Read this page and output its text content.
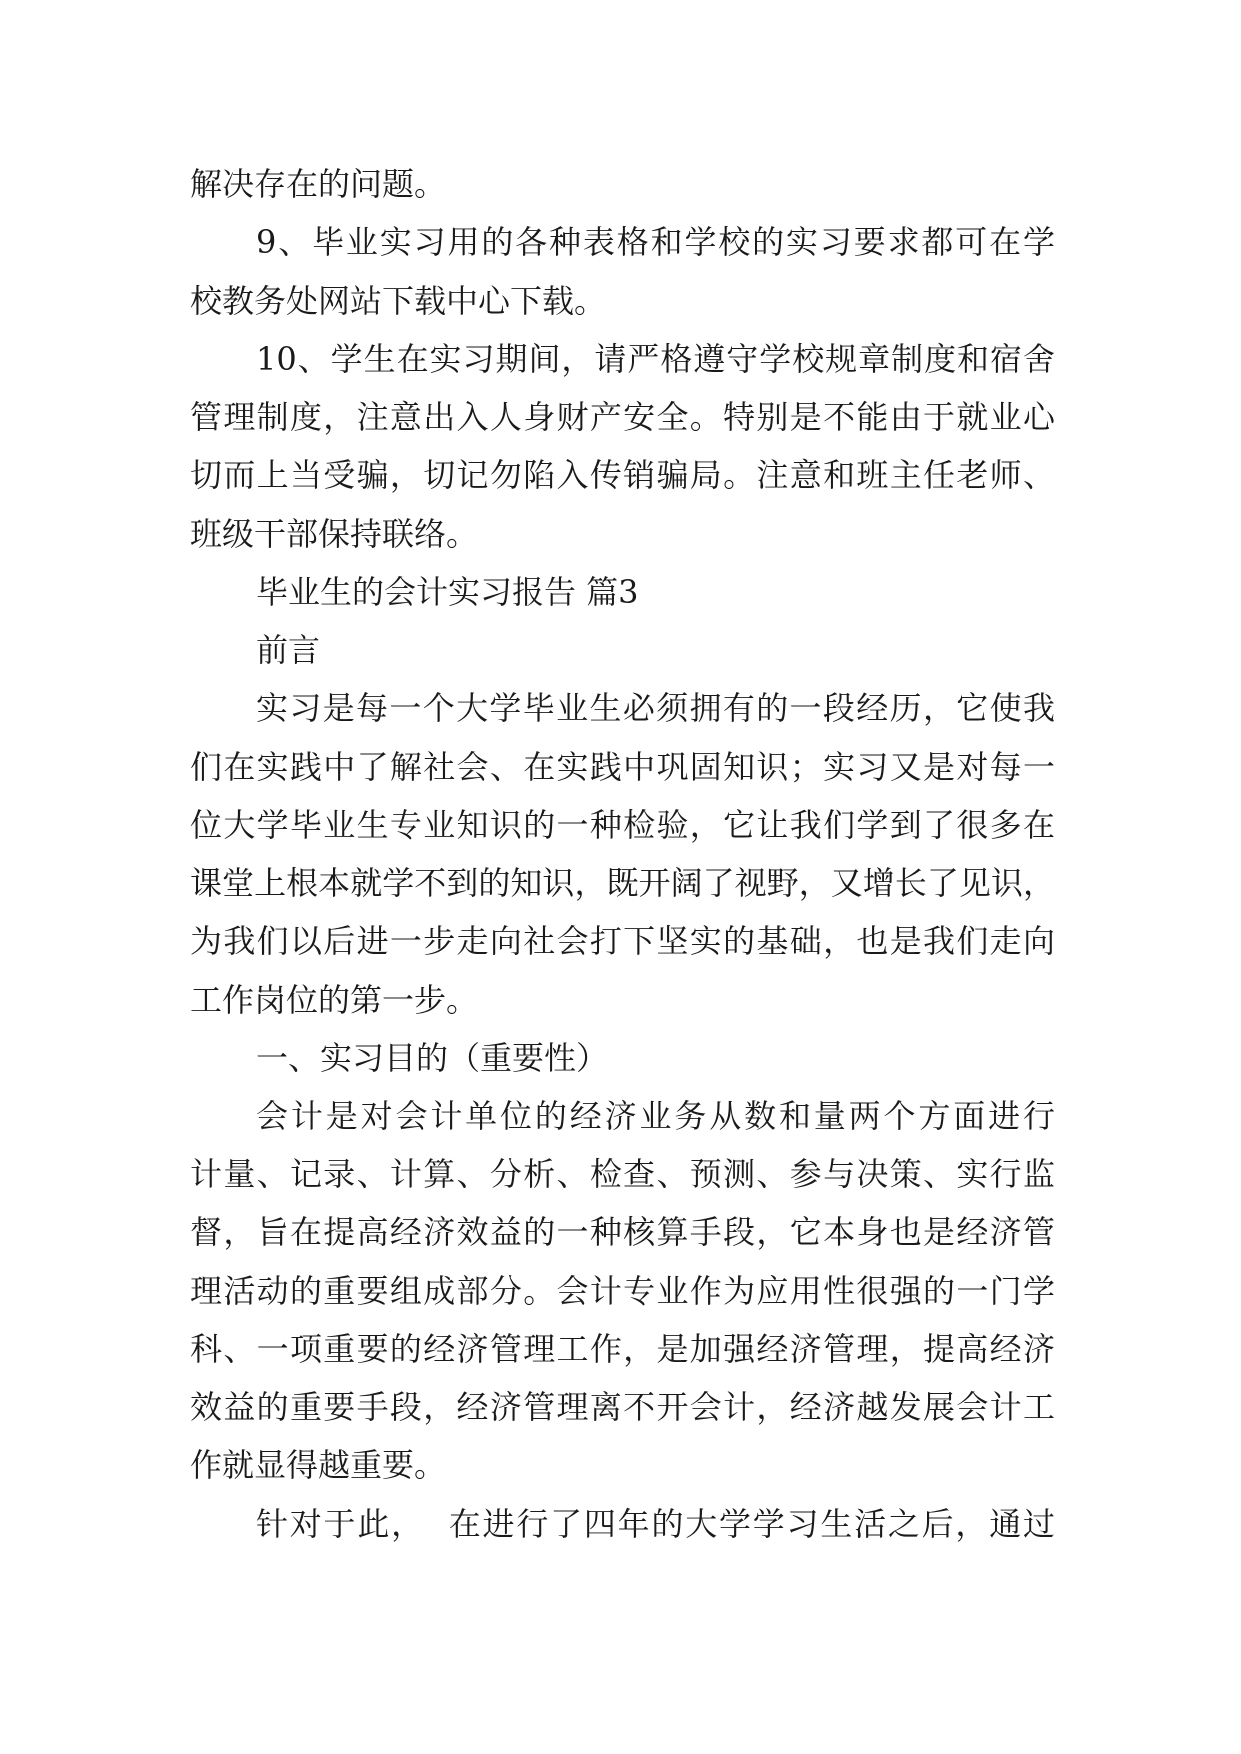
解决存在的问题。
9、毕业实习用的各种表格和学校的实习要求都可在学
校教务处网站下载中心下载。
10、学生在实习期间，请严格遵守学校规章制度和宿舍
管理制度，注意出入人身财产安全。特别是不能由于就业心
切而上当受骗，切记勿陷入传销骗局。注意和班主任老师、
班级干部保持联络。
毕业生的会计实习报告 篇3
前言
实习是每一个大学毕业生必须拥有的一段经历，它使我
们在实践中了解社会、在实践中巩固知识；实习又是对每一
位大学毕业生专业知识的一种检验，它让我们学到了很多在
课堂上根本就学不到的知识，既开阔了视野，又增长了见识，
为我们以后进一步走向社会打下坚实的基础，也是我们走向
工作岗位的第一步。
一、实习目的（重要性）
会计是对会计单位的经济业务从数和量两个方面进行
计量、记录、计算、分析、检查、预测、参与决策、实行监
督，旨在提高经济效益的一种核算手段，它本身也是经济管
理活动的重要组成部分。会计专业作为应用性很强的一门学
科、一项重要的经济管理工作，是加强经济管理，提高经济
效益的重要手段，经济管理离不开会计，经济越发展会计工
作就显得越重要。
针对于此，  在进行了四年的大学学习生活之后，通过
